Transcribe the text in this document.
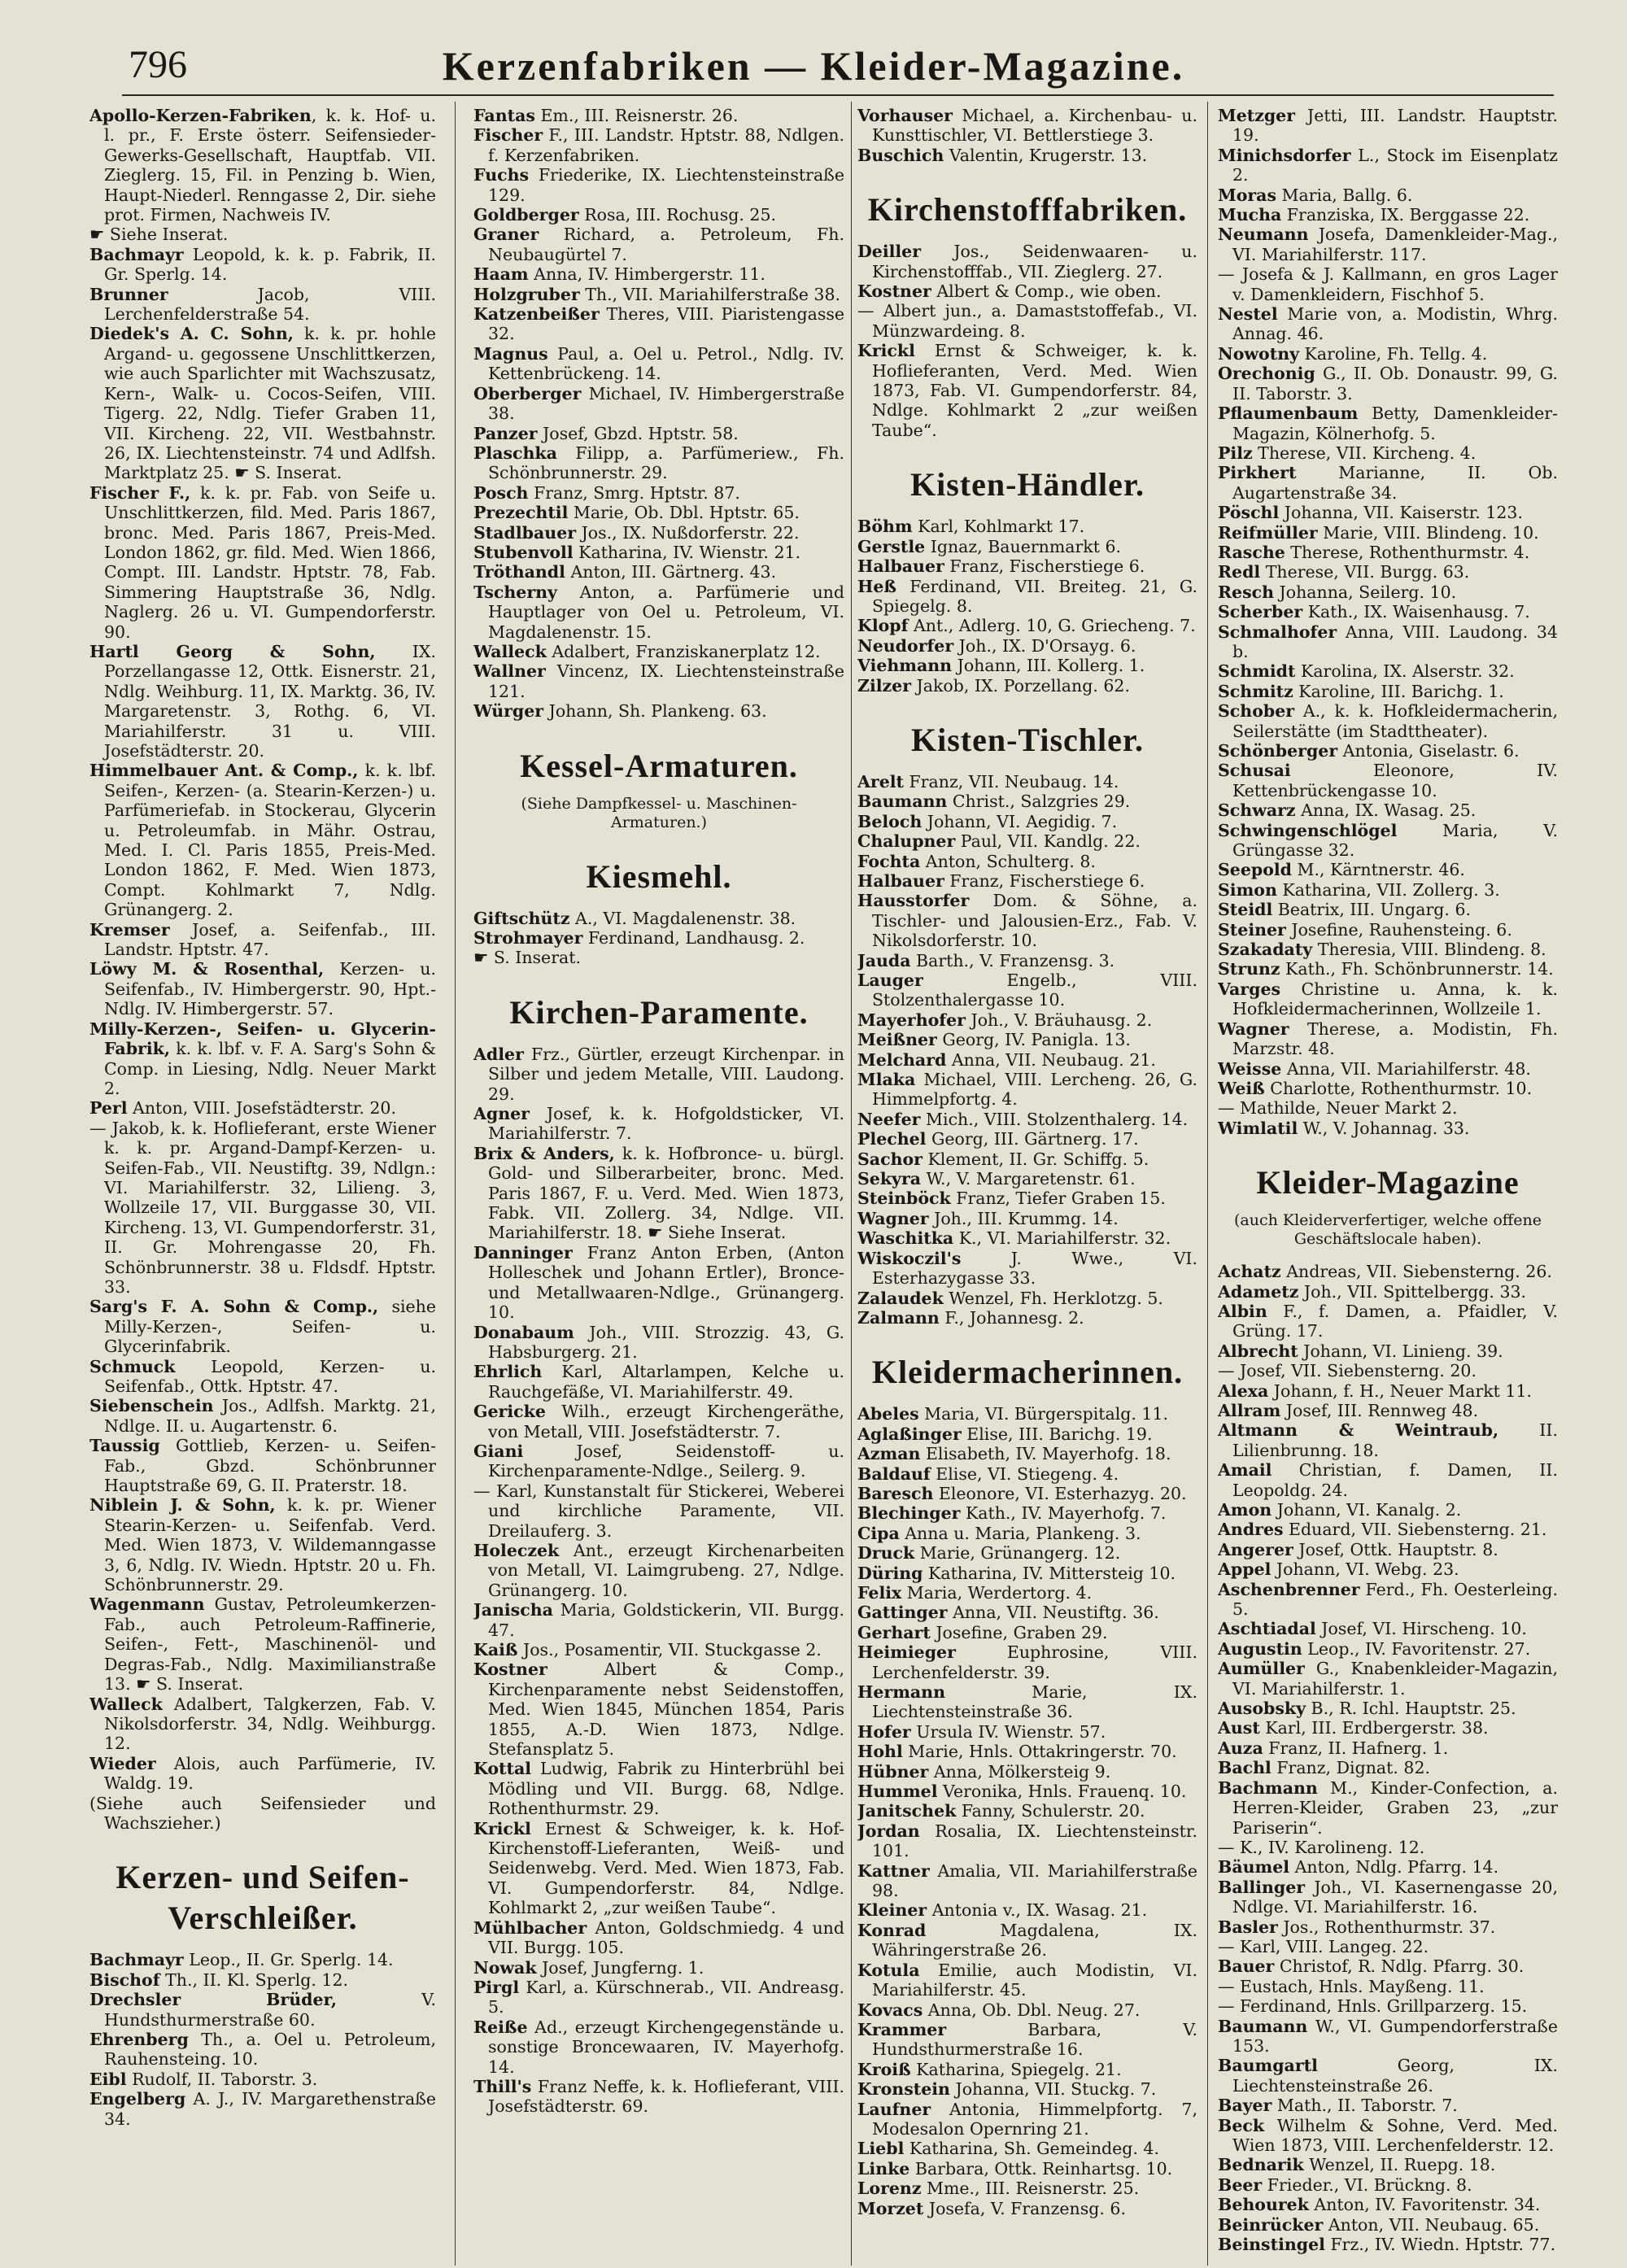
796	Kerzenfabriken — Kleider-Magazine.
Apollo-Kerzen-Fabriken, k. k. Hof- u. l. pr., F. Erste österr. Seifensieder-Gewerks-Gesellschaft, Hauptfab. VII. Zieglerg. 15, Fil. in Penzing b. Wien, Haupt-Niederl. Renngasse 2, Dir. siehe prot. Firmen, Nachweis IV.
☛ Siehe Inserat.
Bachmayr Leopold, k. k. p. Fabrik, II. Gr. Sperlg. 14.
Brunner Jacob, VIII. Lerchenfelderstraße 54.
Diedek's A. C. Sohn, k. k. pr. hohle Argand- u. gegossene Unschlittkerzen, wie auch Sparlichter mit Wachszusatz, Kern-, Walk- u. Cocos-Seifen, VIII. Tigerg. 22, Ndlg. Tiefer Graben 11, VII. Kircheng. 22, VII. Westbahnstr. 26, IX. Liechtensteinstr. 74 und Adlfsh. Marktplatz 25. ☛ S. Inserat.
Fischer F., k. k. pr. Fab. von Seife u. Unschlittkerzen, fild. Med. Paris 1867, bronc. Med. Paris 1867, Preis-Med. London 1862, gr. fild. Med. Wien 1866, Compt. III. Landstr. Hptstr. 78, Fab. Simmering Hauptstraße 36, Ndlg. Naglerg. 26 u. VI. Gumpendorferstr. 90.
Hartl Georg & Sohn, IX. Porzellangasse 12, Ottk. Eisnerstr. 21, Ndlg. Weihburg. 11, IX. Marktg. 36, IV. Margaretenstr. 3, Rothg. 6, VI. Mariahilferstr. 31 u. VIII. Josefstädterstr. 20.
Himmelbauer Ant. & Comp., k. k. lbf. Seifen-, Kerzen- (a. Stearin-Kerzen-) u. Parfümeriefab. in Stockerau, Glycerin u. Petroleumfab. in Mähr. Ostrau, Med. I. Cl. Paris 1855, Preis-Med. London 1862, F. Med. Wien 1873, Compt. Kohlmarkt 7, Ndlg. Grünangerg. 2.
Kremser Josef, a. Seifenfab., III. Landstr. Hptstr. 47.
Löwy M. & Rosenthal, Kerzen- u. Seifenfab., IV. Himbergerstr. 90, Hpt.-Ndlg. IV. Himbergerstr. 57.
Milly-Kerzen-, Seifen- u. Glycerin-Fabrik, k. k. lbf. v. F. A. Sarg's Sohn & Comp. in Liesing, Ndlg. Neuer Markt 2.
Perl Anton, VIII. Josefstädterstr. 20.
— Jakob, k. k. Hoflieferant, erste Wiener k. k. pr. Argand-Dampf-Kerzen- u. Seifen-Fab., VII. Neustiftg. 39, Ndlgn.: VI. Mariahilferstr. 32, Lilieng. 3, Wollzeile 17, VII. Burggasse 30, VII. Kircheng. 13, VI. Gumpendorferstr. 31, II. Gr. Mohrengasse 20, Fh. Schönbrunnerstr. 38 u. Fldsdf. Hptstr. 33.
Sarg's F. A. Sohn & Comp., siehe Milly-Kerzen-, Seifen- u. Glycerinfabrik.
Schmuck Leopold, Kerzen- u. Seifenfab., Ottk. Hptstr. 47.
Siebenschein Jos., Adlfsh. Marktg. 21, Ndlge. II. u. Augartenstr. 6.
Taussig Gottlieb, Kerzen- u. Seifen-Fab., Gbzd. Schönbrunner Hauptstraße 69, G. II. Praterstr. 18.
Niblein J. & Sohn, k. k. pr. Wiener Stearin-Kerzen- u. Seifenfab. Verd. Med. Wien 1873, V. Wildemanngasse 3, 6, Ndlg. IV. Wiedn. Hptstr. 20 u. Fh. Schönbrunnerstr. 29.
Wagenmann Gustav, Petroleumkerzen-Fab., auch Petroleum-Raffinerie, Seifen-, Fett-, Maschinenöl- und Degras-Fab., Ndlg. Maximilianstraße 13. ☛ S. Inserat.
Walleck Adalbert, Talgkerzen, Fab. V. Nikolsdorferstr. 34, Ndlg. Weihburgg. 12.
Wieder Alois, auch Parfümerie, IV. Waldg. 19.
(Siehe auch Seifensieder und Wachszieher.)
Kerzen- und Seifen-Verschleißer.
Bachmayr Leop., II. Gr. Sperlg. 14.
Bischof Th., II. Kl. Sperlg. 12.
Drechsler Brüder, V. Hundsthurmerstraße 60.
Ehrenberg Th., a. Oel u. Petroleum, Rauhensteing. 10.
Eibl Rudolf, II. Taborstr. 3.
Engelberg A. J., IV. Margarethenstraße 34.
Fantas Em., III. Reisnerstr. 26.
Fischer F., III. Landstr. Hptstr. 88, Ndlgen. f. Kerzenfabriken.
Fuchs Friederike, IX. Liechtensteinstraße 129.
Goldberger Rosa, III. Rochusg. 25.
Graner Richard, a. Petroleum, Fh. Neubaugürtel 7.
Haam Anna, IV. Himbergerstr. 11.
Holzgruber Th., VII. Mariahilferstraße 38.
Katzenbeißer Theres, VIII. Piaristengasse 32.
Magnus Paul, a. Oel u. Petrol., Ndlg. IV. Kettenbrückeng. 14.
Oberberger Michael, IV. Himbergerstraße 38.
Panzer Josef, Gbzd. Hptstr. 58.
Plaschka Filipp, a. Parfümeriew., Fh. Schönbrunnerstr. 29.
Posch Franz, Smrg. Hptstr. 87.
Prezechtil Marie, Ob. Dbl. Hptstr. 65.
Stadlbauer Jos., IX. Nußdorferstr. 22.
Stubenvoll Katharina, IV. Wienstr. 21.
Tröthandl Anton, III. Gärtnerg. 43.
Tscherny Anton, a. Parfümerie und Hauptlager von Oel u. Petroleum, VI. Magdalenenstr. 15.
Walleck Adalbert, Franziskanerplatz 12.
Wallner Vincenz, IX. Liechtensteinstraße 121.
Würger Johann, Sh. Plankeng. 63.
Kessel-Armaturen.
(Siehe Dampfkessel- u. Maschinen-Armaturen.)
Kiesmehl.
Giftschütz A., VI. Magdalenenstr. 38.
Strohmayer Ferdinand, Landhausg. 2.
☛ S. Inserat.
Kirchen-Paramente.
Adler Frz., Gürtler, erzeugt Kirchenpar. in Silber und jedem Metalle, VIII. Laudong. 29.
Agner Josef, k. k. Hofgoldsticker, VI. Mariahilferstr. 7.
Brix & Anders, k. k. Hofbronce- u. bürgl. Gold- und Silberarbeiter, bronc. Med. Paris 1867, F. u. Verd. Med. Wien 1873, Fabk. VII. Zollerg. 34, Ndlge. VII. Mariahilferstr. 18. ☛ Siehe Inserat.
Danninger Franz Anton Erben, (Anton Holleschek und Johann Ertler), Bronce- und Metallwaaren-Ndlge., Grünangerg. 10.
Donabaum Joh., VIII. Strozzig. 43, G. Habsburgerg. 21.
Ehrlich Karl, Altarlampen, Kelche u. Rauchgefäße, VI. Mariahilferstr. 49.
Gericke Wilh., erzeugt Kirchengeräthe, von Metall, VIII. Josefstädterstr. 7.
Giani Josef, Seidenstoff- u. Kirchenparamente-Ndlge., Seilerg. 9.
— Karl, Kunstanstalt für Stickerei, Weberei und kirchliche Paramente, VII. Dreilauferg. 3.
Holeczek Ant., erzeugt Kirchenarbeiten von Metall, VI. Laimgrubeng. 27, Ndlge. Grünangerg. 10.
Janischa Maria, Goldstickerin, VII. Burgg. 47.
Kaiß Jos., Posamentir, VII. Stuckgasse 2.
Kostner Albert & Comp., Kirchenparamente nebst Seidenstoffen, Med. Wien 1845, München 1854, Paris 1855, A.-D. Wien 1873, Ndlge. Stefansplatz 5.
Kottal Ludwig, Fabrik zu Hinterbrühl bei Mödling und VII. Burgg. 68, Ndlge. Rothenthurmstr. 29.
Krickl Ernest & Schweiger, k. k. Hof-Kirchenstoff-Lieferanten, Weiß- und Seidenwebg. Verd. Med. Wien 1873, Fab. VI. Gumpendorferstr. 84, Ndlge. Kohlmarkt 2, „zur weißen Taube“.
Mühlbacher Anton, Goldschmiedg. 4 und VII. Burgg. 105.
Nowak Josef, Jungferng. 1.
Pirgl Karl, a. Kürschnerab., VII. Andreasg. 5.
Reiße Ad., erzeugt Kirchengegenstände u. sonstige Broncewaaren, IV. Mayerhofg. 14.
Thill's Franz Neffe, k. k. Hoflieferant, VIII. Josefstädterstr. 69.
Vorhauser Michael, a. Kirchenbau- u. Kunsttischler, VI. Bettlerstiege 3.
Buschich Valentin, Krugerstr. 13.
Kirchenstofffabriken.
Deiller Jos., Seidenwaaren- u. Kirchenstofffab., VII. Zieglerg. 27.
Kostner Albert & Comp., wie oben.
— Albert jun., a. Damaststoffefab., VI. Münzwardeing. 8.
Krickl Ernst & Schweiger, k. k. Hoflieferanten, Verd. Med. Wien 1873, Fab. VI. Gumpendorferstr. 84, Ndlge. Kohlmarkt 2 „zur weißen Taube“.
Kisten-Händler.
Böhm Karl, Kohlmarkt 17.
Gerstle Ignaz, Bauernmarkt 6.
Halbauer Franz, Fischerstiege 6.
Heß Ferdinand, VII. Breiteg. 21, G. Spiegelg. 8.
Klopf Ant., Adlerg. 10, G. Griecheng. 7.
Neudorfer Joh., IX. D'Orsayg. 6.
Viehmann Johann, III. Kollerg. 1.
Zilzer Jakob, IX. Porzellang. 62.
Kisten-Tischler.
Arelt Franz, VII. Neubaug. 14.
Baumann Christ., Salzgries 29.
Beloch Johann, VI. Aegidig. 7.
Chalupner Paul, VII. Kandlg. 22.
Fochta Anton, Schulterg. 8.
Halbauer Franz, Fischerstiege 6.
Hausstorfer Dom. & Söhne, a. Tischler- und Jalousien-Erz., Fab. V. Nikolsdorferstr. 10.
Jauda Barth., V. Franzensg. 3.
Lauger Engelb., VIII. Stolzenthalergasse 10.
Mayerhofer Joh., V. Bräuhausg. 2.
Meißner Georg, IV. Panigla. 13.
Melchard Anna, VII. Neubaug. 21.
Mlaka Michael, VIII. Lercheng. 26, G. Himmelpfortg. 4.
Neefer Mich., VIII. Stolzenthalerg. 14.
Plechel Georg, III. Gärtnerg. 17.
Sachor Klement, II. Gr. Schiffg. 5.
Sekyra W., V. Margaretenstr. 61.
Steinböck Franz, Tiefer Graben 15.
Wagner Joh., III. Krummg. 14.
Waschitka K., VI. Mariahilferstr. 32.
Wiskoczil's J. Wwe., VI. Esterhazygasse 33.
Zalaudek Wenzel, Fh. Herklotzg. 5.
Zalmann F., Johannesg. 2.
Kleidermacherinnen.
Abeles Maria, VI. Bürgerspitalg. 11.
Aglaßinger Elise, III. Barichg. 19.
Azman Elisabeth, IV. Mayerhofg. 18.
Baldauf Elise, VI. Stiegeng. 4.
Baresch Eleonore, VI. Esterhazyg. 20.
Blechinger Kath., IV. Mayerhofg. 7.
Cipa Anna u. Maria, Plankeng. 3.
Druck Marie, Grünangerg. 12.
Düring Katharina, IV. Mittersteig 10.
Felix Maria, Werdertorg. 4.
Gattinger Anna, VII. Neustiftg. 36.
Gerhart Josefine, Graben 29.
Heimieger Euphrosine, VIII. Lerchenfelderstr. 39.
Hermann Marie, IX. Liechtensteinstraße 36.
Hofer Ursula IV. Wienstr. 57.
Hohl Marie, Hnls. Ottakringerstr. 70.
Hübner Anna, Mölkersteig 9.
Hummel Veronika, Hnls. Frauenq. 10.
Janitschek Fanny, Schulerstr. 20.
Jordan Rosalia, IX. Liechtensteinstr. 101.
Kattner Amalia, VII. Mariahilferstraße 98.
Kleiner Antonia v., IX. Wasag. 21.
Konrad Magdalena, IX. Währingerstraße 26.
Kotula Emilie, auch Modistin, VI. Mariahilferstr. 45.
Kovacs Anna, Ob. Dbl. Neug. 27.
Krammer Barbara, V. Hundsthurmerstraße 16.
Kroiß Katharina, Spiegelg. 21.
Kronstein Johanna, VII. Stuckg. 7.
Laufner Antonia, Himmelpfortg. 7, Modesalon Opernring 21.
Liebl Katharina, Sh. Gemeindeg. 4.
Linke Barbara, Ottk. Reinhartsg. 10.
Lorenz Mme., III. Reisnerstr. 25.
Morzet Josefa, V. Franzensg. 6.
Metzger Jetti, III. Landstr. Hauptstr. 19.
Minichsdorfer L., Stock im Eisenplatz 2.
Moras Maria, Ballg. 6.
Mucha Franziska, IX. Berggasse 22.
Neumann Josefa, Damenkleider-Mag., VI. Mariahilferstr. 117.
— Josefa & J. Kallmann, en gros Lager v. Damenkleidern, Fischhof 5.
Nestel Marie von, a. Modistin, Whrg. Annag. 46.
Nowotny Karoline, Fh. Tellg. 4.
Orechonig G., II. Ob. Donaustr. 99, G. II. Taborstr. 3.
Pflaumenbaum Betty, Damenkleider-Magazin, Kölnerhofg. 5.
Pilz Therese, VII. Kircheng. 4.
Pirkhert Marianne, II. Ob. Augartenstraße 34.
Pöschl Johanna, VII. Kaiserstr. 123.
Reifmüller Marie, VIII. Blindeng. 10.
Rasche Therese, Rothenthurmstr. 4.
Redl Therese, VII. Burgg. 63.
Resch Johanna, Seilerg. 10.
Scherber Kath., IX. Waisenhausg. 7.
Schmalhofer Anna, VIII. Laudong. 34 b.
Schmidt Karolina, IX. Alserstr. 32.
Schmitz Karoline, III. Barichg. 1.
Schober A., k. k. Hofkleidermacherin, Seilerstätte (im Stadttheater).
Schönberger Antonia, Giselastr. 6.
Schusai Eleonore, IV. Kettenbrückengasse 10.
Schwarz Anna, IX. Wasag. 25.
Schwingenschlögel Maria, V. Grüngasse 32.
Seepold M., Kärntnerstr. 46.
Simon Katharina, VII. Zollerg. 3.
Steidl Beatrix, III. Ungarg. 6.
Steiner Josefine, Rauhensteing. 6.
Szakadaty Theresia, VIII. Blindeng. 8.
Strunz Kath., Fh. Schönbrunnerstr. 14.
Varges Christine u. Anna, k. k. Hofkleidermacherinnen, Wollzeile 1.
Wagner Therese, a. Modistin, Fh. Marzstr. 48.
Weisse Anna, VII. Mariahilferstr. 48.
Weiß Charlotte, Rothenthurmstr. 10.
— Mathilde, Neuer Markt 2.
Wimlatil W., V. Johannag. 33.
Kleider-Magazine
(auch Kleiderverfertiger, welche offene Geschäftslocale haben).
Achatz Andreas, VII. Siebensterng. 26.
Adametz Joh., VII. Spittelbergg. 33.
Albin F., f. Damen, a. Pfaidler, V. Grüng. 17.
Albrecht Johann, VI. Linieng. 39.
— Josef, VII. Siebensterng. 20.
Alexa Johann, f. H., Neuer Markt 11.
Allram Josef, III. Rennweg 48.
Altmann & Weintraub, II. Lilienbrunng. 18.
Amail Christian, f. Damen, II. Leopoldg. 24.
Amon Johann, VI. Kanalg. 2.
Andres Eduard, VII. Siebensterng. 21.
Angerer Josef, Ottk. Hauptstr. 8.
Appel Johann, VI. Webg. 23.
Aschenbrenner Ferd., Fh. Oesterleing. 5.
Aschtiadal Josef, VI. Hirscheng. 10.
Augustin Leop., IV. Favoritenstr. 27.
Aumüller G., Knabenkleider-Magazin, VI. Mariahilferstr. 1.
Ausobsky B., R. Ichl. Hauptstr. 25.
Aust Karl, III. Erdbergerstr. 38.
Auza Franz, II. Hafnerg. 1.
Bachl Franz, Dignat. 82.
Bachmann M., Kinder-Confection, a. Herren-Kleider, Graben 23, „zur Pariserin“.
— K., IV. Karolineng. 12.
Bäumel Anton, Ndlg. Pfarrg. 14.
Ballinger Joh., VI. Kasernengasse 20, Ndlge. VI. Mariahilferstr. 16.
Basler Jos., Rothenthurmstr. 37.
— Karl, VIII. Langeg. 22.
Bauer Christof, R. Ndlg. Pfarrg. 30.
— Eustach, Hnls. Mayßeng. 11.
— Ferdinand, Hnls. Grillparzerg. 15.
Baumann W., VI. Gumpendorferstraße 153.
Baumgartl Georg, IX. Liechtensteinstraße 26.
Bayer Math., II. Taborstr. 7.
Beck Wilhelm & Sohne, Verd. Med. Wien 1873, VIII. Lerchenfelderstr. 12.
Bednarik Wenzel, II. Ruepg. 18.
Beer Frieder., VI. Brückng. 8.
Behourek Anton, IV. Favoritenstr. 34.
Beinrücker Anton, VII. Neubaug. 65.
Beinstingel Frz., IV. Wiedn. Hptstr. 77.
